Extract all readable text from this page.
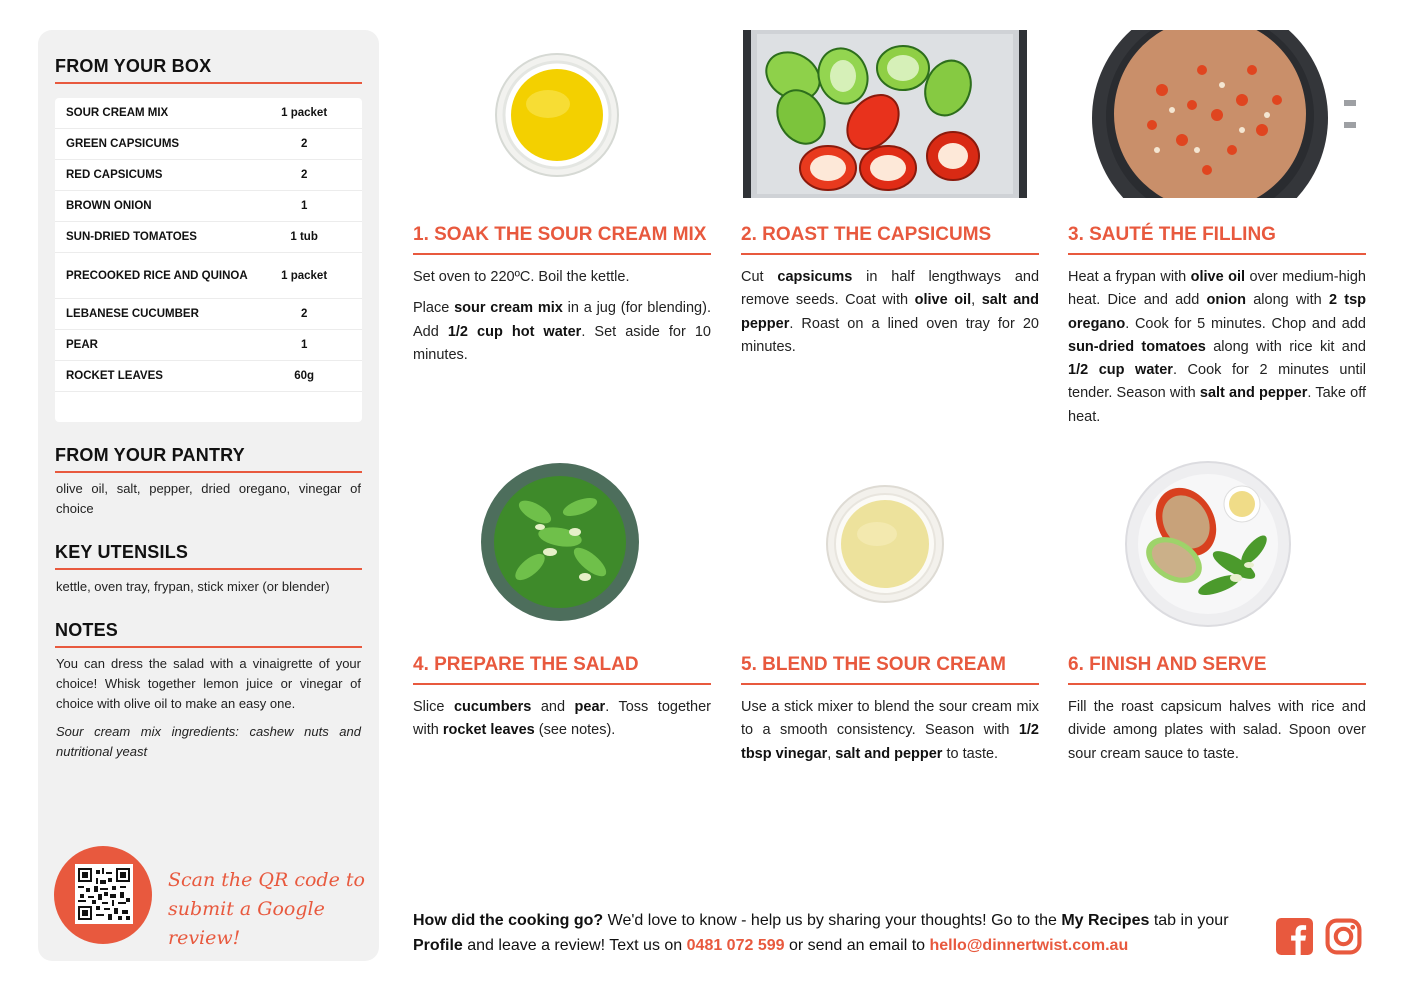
FROM YOUR BOX
SOUR CREAM MIX	1 packet
GREEN CAPSICUMS	2
RED CAPSICUMS	2
BROWN ONION	1
SUN-DRIED TOMATOES	1 tub
PRECOOKED RICE AND QUINOA	1 packet
LEBANESE CUCUMBER	2
PEAR	1
ROCKET LEAVES	60g
FROM YOUR PANTRY
olive oil, salt, pepper, dried oregano, vinegar of choice
KEY UTENSILS
kettle, oven tray, frypan, stick mixer (or blender)
NOTES
You can dress the salad with a vinaigrette of your choice! Whisk together lemon juice or vinegar of choice with olive oil to make an easy one.
Sour cream mix ingredients: cashew nuts and nutritional yeast
Scan the QR code to
submit a Google review!
1. SOAK THE SOUR CREAM MIX

Set oven to 220ºC. Boil the kettle.

Place sour cream mix in a jug (for blending). Add 1/2 cup hot water. Set aside for 10 minutes.

2. ROAST THE CAPSICUMS

Cut capsicums in half lengthways and remove seeds. Coat with olive oil, salt and pepper. Roast on a lined oven tray for 20 minutes.

3. SAUTÉ THE FILLING

Heat a frypan with olive oil over medium-high heat. Dice and add onion along with 2 tsp oregano. Cook for 5 minutes. Chop and add sun-dried tomatoes along with rice kit and 1/2 cup water. Cook for 2 minutes until tender. Season with salt and pepper. Take off heat.

4. PREPARE THE SALAD

Slice cucumbers and pear. Toss together with rocket leaves (see notes).

5. BLEND THE SOUR CREAM

Use a stick mixer to blend the sour cream mix to a smooth consistency. Season with 1/2 tbsp vinegar, salt and pepper to taste.

6. FINISH AND SERVE

Fill the roast capsicum halves with rice and divide among plates with salad. Spoon over sour cream sauce to taste.

How did the cooking go? We'd love to know - help us by sharing your thoughts! Go to the My Recipes tab in your Profile and leave a review! Text us on 0481 072 599 or send an email to hello@dinnertwist.com.au
